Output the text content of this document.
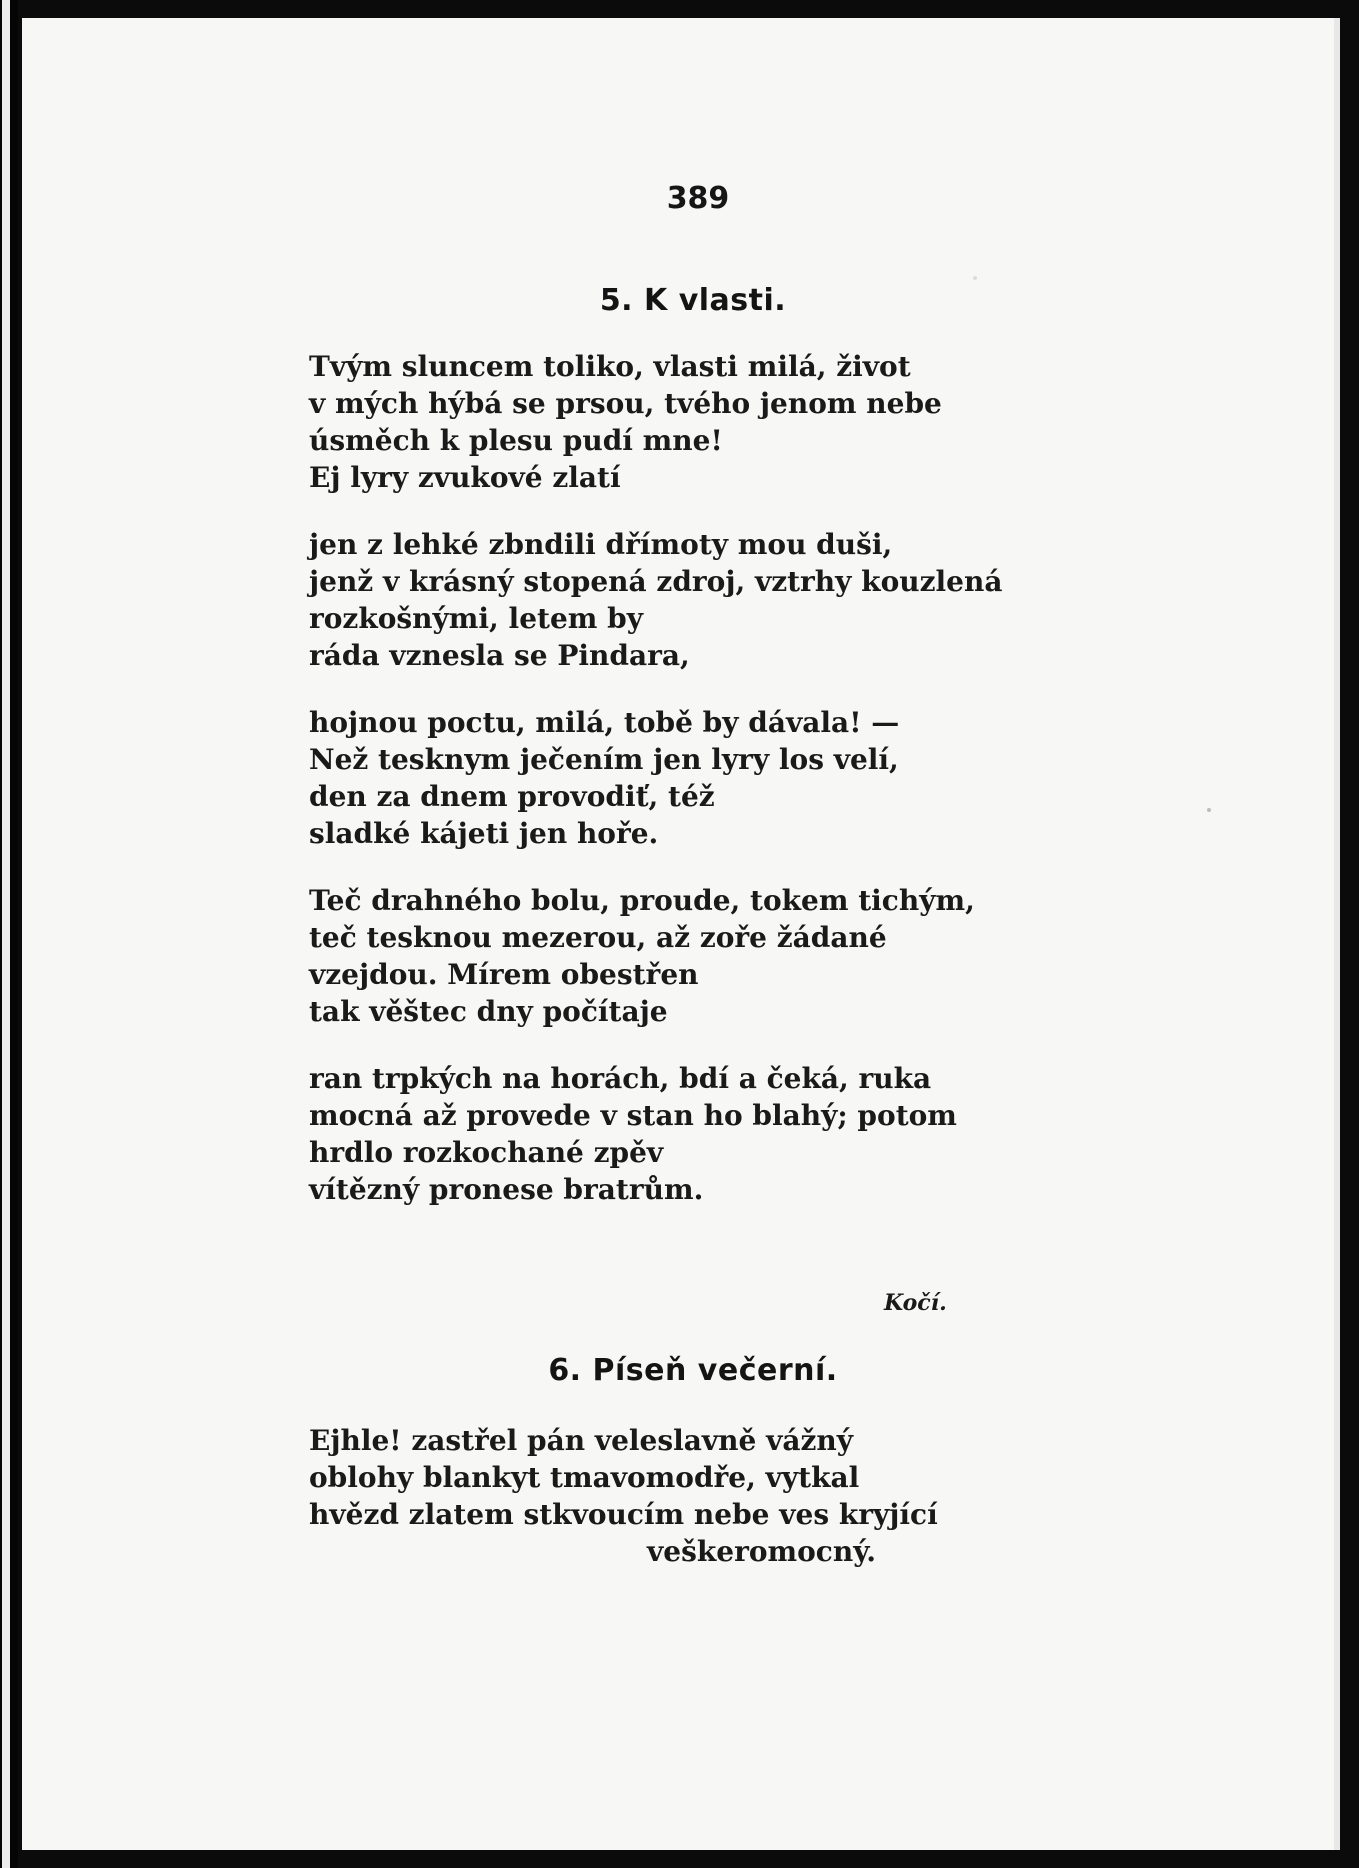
389
5. K vlasti.
Tvým sluncem toliko, vlasti milá, život
v mých hýbá se prsou, tvého jenom nebe
úsměch k plesu pudí mne!
Ej lyry zvukové zlatí
jen z lehké zbndili dřímoty mou duši,
jenž v krásný stopená zdroj, vztrhy kouzlená
rozkošnými, letem by
ráda vznesla se Pindara,
hojnou poctu, milá, tobě by dávala! —
Než tesknym ječením jen lyry los velí,
den za dnem provodiť, též
sladké kájeti jen hoře.
Teč drahného bolu, proude, tokem tichým,
teč tesknou mezerou, až zoře žádané
vzejdou. Mírem obestřen
tak věštec dny počítaje
ran trpkých na horách, bdí a čeká, ruka
mocná až provede v stan ho blahý; potom
hrdlo rozkochané zpěv
vítězný pronese bratrům.
Kočí.
6. Píseň večerní.
Ejhle! zastřel pán veleslavně vážný
oblohy blankyt tmavomodře, vytkal
hvězd zlatem stkvoucím nebe ves kryjící
veškeromocný.
